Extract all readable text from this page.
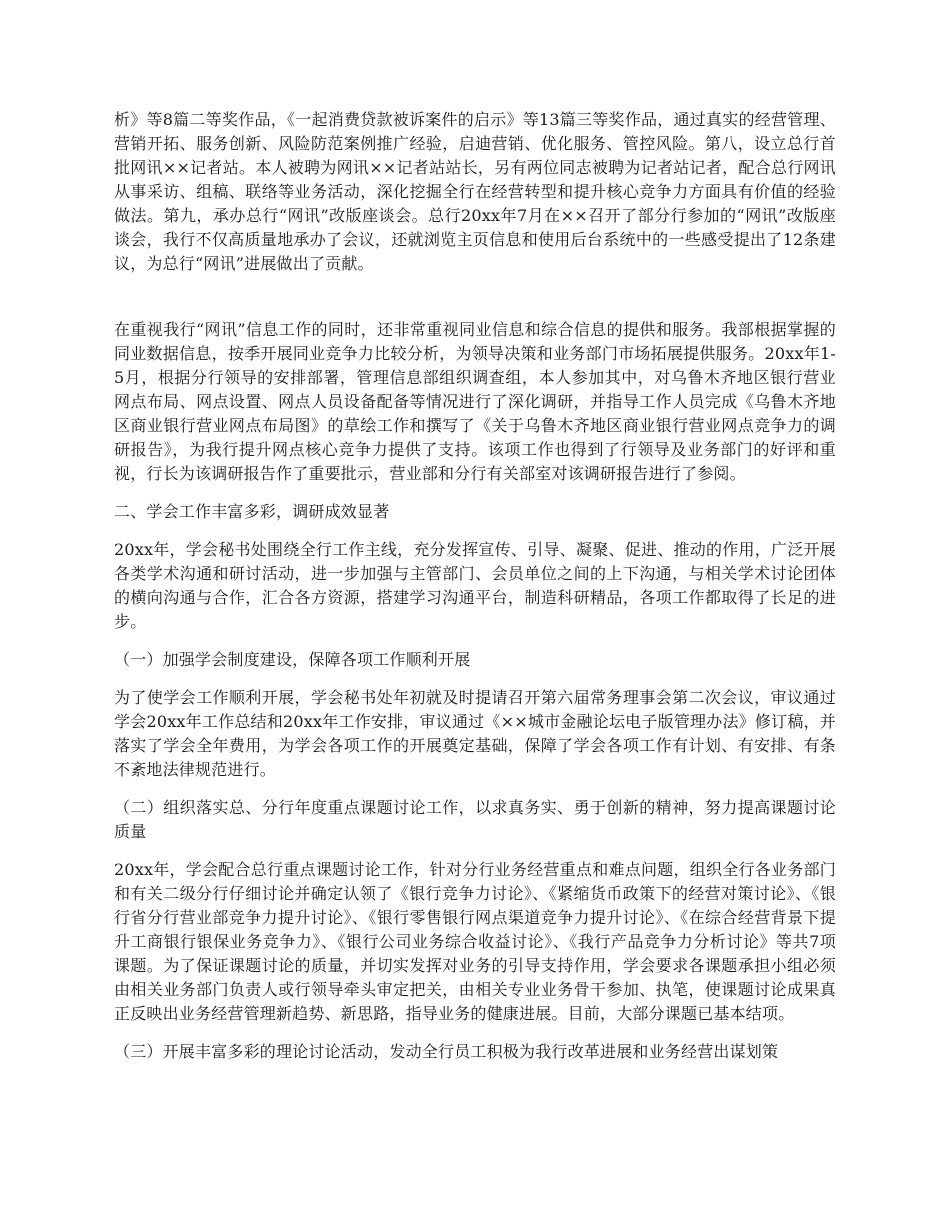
析》等8篇二等奖作品，《一起消费贷款被诉案件的启示》等13篇三等奖作品，通过真实的经营管理、营销开拓、服务创新、风险防范案例推广经验，启迪营销、优化服务、管控风险。第八，设立总行首批网讯××记者站。本人被聘为网讯××记者站站长，另有两位同志被聘为记者站记者，配合总行网讯从事采访、组稿、联络等业务活动，深化挖掘全行在经营转型和提升核心竞争力方面具有价值的经验做法。第九，承办总行“网讯”改版座谈会。总行20xx年7月在××召开了部分行参加的“网讯”改版座谈会，我行不仅高质量地承办了会议，还就浏览主页信息和使用后台系统中的一些感受提出了12条建议，为总行“网讯”进展做出了贡献。

在重视我行“网讯”信息工作的同时，还非常重视同业信息和综合信息的提供和服务。我部根据掌握的同业数据信息，按季开展同业竞争力比较分析，为领导决策和业务部门市场拓展提供服务。20xx年1-5月，根据分行领导的安排部署，管理信息部组织调查组，本人参加其中，对乌鲁木齐地区银行营业网点布局、网点设置、网点人员设备配备等情况进行了深化调研，并指导工作人员完成《乌鲁木齐地区商业银行营业网点布局图》的草绘工作和撰写了《关于乌鲁木齐地区商业银行营业网点竞争力的调研报告》，为我行提升网点核心竞争力提供了支持。该项工作也得到了行领导及业务部门的好评和重视，行长为该调研报告作了重要批示，营业部和分行有关部室对该调研报告进行了参阅。

二、学会工作丰富多彩，调研成效显著

20xx年，学会秘书处围绕全行工作主线，充分发挥宣传、引导、凝聚、促进、推动的作用，广泛开展各类学术沟通和研讨活动，进一步加强与主管部门、会员单位之间的上下沟通，与相关学术讨论团体的横向沟通与合作，汇合各方资源，搭建学习沟通平台，制造科研精品，各项工作都取得了长足的进步。

（一）加强学会制度建设，保障各项工作顺利开展

为了使学会工作顺利开展，学会秘书处年初就及时提请召开第六届常务理事会第二次会议，审议通过学会20xx年工作总结和20xx年工作安排，审议通过《××城市金融论坛电子版管理办法》修订稿，并落实了学会全年费用，为学会各项工作的开展奠定基础，保障了学会各项工作有计划、有安排、有条不紊地法律规范进行。

（二）组织落实总、分行年度重点课题讨论工作，以求真务实、勇于创新的精神，努力提高课题讨论质量

20xx年，学会配合总行重点课题讨论工作，针对分行业务经营重点和难点问题，组织全行各业务部门和有关二级分行仔细讨论并确定认领了《银行竞争力讨论》、《紧缩货币政策下的经营对策讨论》、《银行省分行营业部竞争力提升讨论》、《银行零售银行网点渠道竞争力提升讨论》、《在综合经营背景下提升工商银行银保业务竞争力》、《银行公司业务综合收益讨论》、《我行产品竞争力分析讨论》等共7项课题。为了保证课题讨论的质量，并切实发挥对业务的引导支持作用，学会要求各课题承担小组必须由相关业务部门负责人或行领导牵头审定把关，由相关专业业务骨干参加、执笔，使课题讨论成果真正反映出业务经营管理新趋势、新思路，指导业务的健康进展。目前，大部分课题已基本结项。

（三）开展丰富多彩的理论讨论活动，发动全行员工积极为我行改革进展和业务经营出谋划策
